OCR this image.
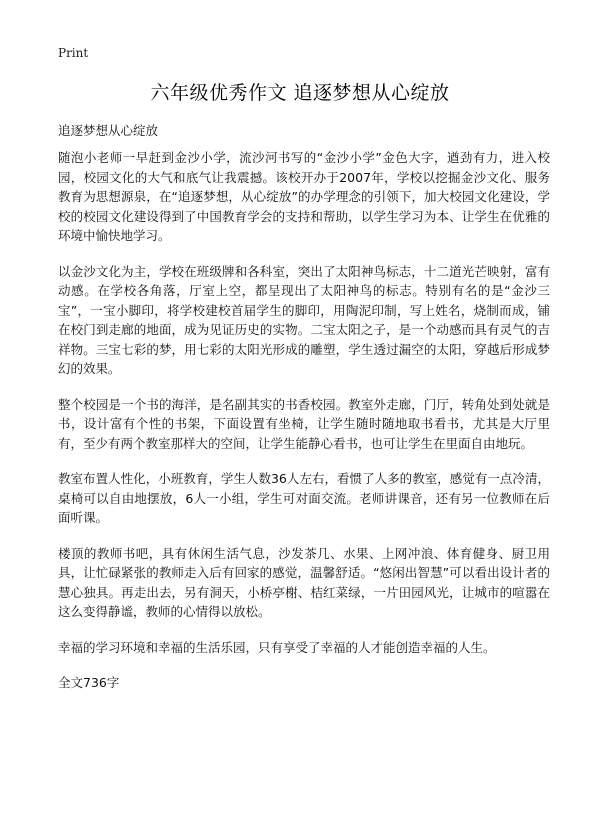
Print
六年级优秀作文 追逐梦想从心绽放
追逐梦想从心绽放

随泡小老师一早赶到金沙小学，流沙河书写的“金沙小学”金色大字，遒劲有力，进入校园，校园文化的大气和底气让我震撼。该校开办于2007年，学校以挖掘金沙文化、服务教育为思想源泉，在“追逐梦想，从心绽放”的办学理念的引领下，加大校园文化建设，学校的校园文化建设得到了中国教育学会的支持和帮助，以学生学习为本、让学生在优雅的环境中愉快地学习。

以金沙文化为主，学校在班级牌和各科室，突出了太阳神鸟标志，十二道光芒映射，富有动感。在学校各角落，厅室上空，都呈现出了太阳神鸟的标志。特别有名的是“金沙三宝”，一宝小脚印，将学校建校首届学生的脚印，用陶泥印制，写上姓名，烧制而成，铺在校门到走廊的地面，成为见证历史的实物。二宝太阳之子，是一个动感而具有灵气的吉祥物。三宝七彩的梦，用七彩的太阳光形成的雕塑，学生透过漏空的太阳，穿越后形成梦幻的效果。

整个校园是一个书的海洋，是名副其实的书香校园。教室外走廊，门厅，转角处到处就是书，设计富有个性的书架，下面设置有坐椅，让学生随时随地取书看书，尤其是大厅里有，至少有两个教室那样大的空间，让学生能静心看书，也可让学生在里面自由地玩。

教室布置人性化，小班教育，学生人数36人左右，看惯了人多的教室，感觉有一点冷清，桌椅可以自由地摆放，6人一小组，学生可对面交流。老师讲课音，还有另一位教师在后面听课。

楼顶的教师书吧，具有休闲生活气息，沙发茶几、水果、上网冲浪、体育健身、厨卫用具，让忙碌紧张的教师走入后有回家的感觉，温馨舒适。“悠闲出智慧”可以看出设计者的慧心独具。再走出去，另有洞天，小桥亭榭、桔红菜绿，一片田园风光，让城市的喧嚣在这么变得静谧，教师的心情得以放松。

幸福的学习环境和幸福的生活乐园，只有享受了幸福的人才能创造幸福的人生。

全文736字
